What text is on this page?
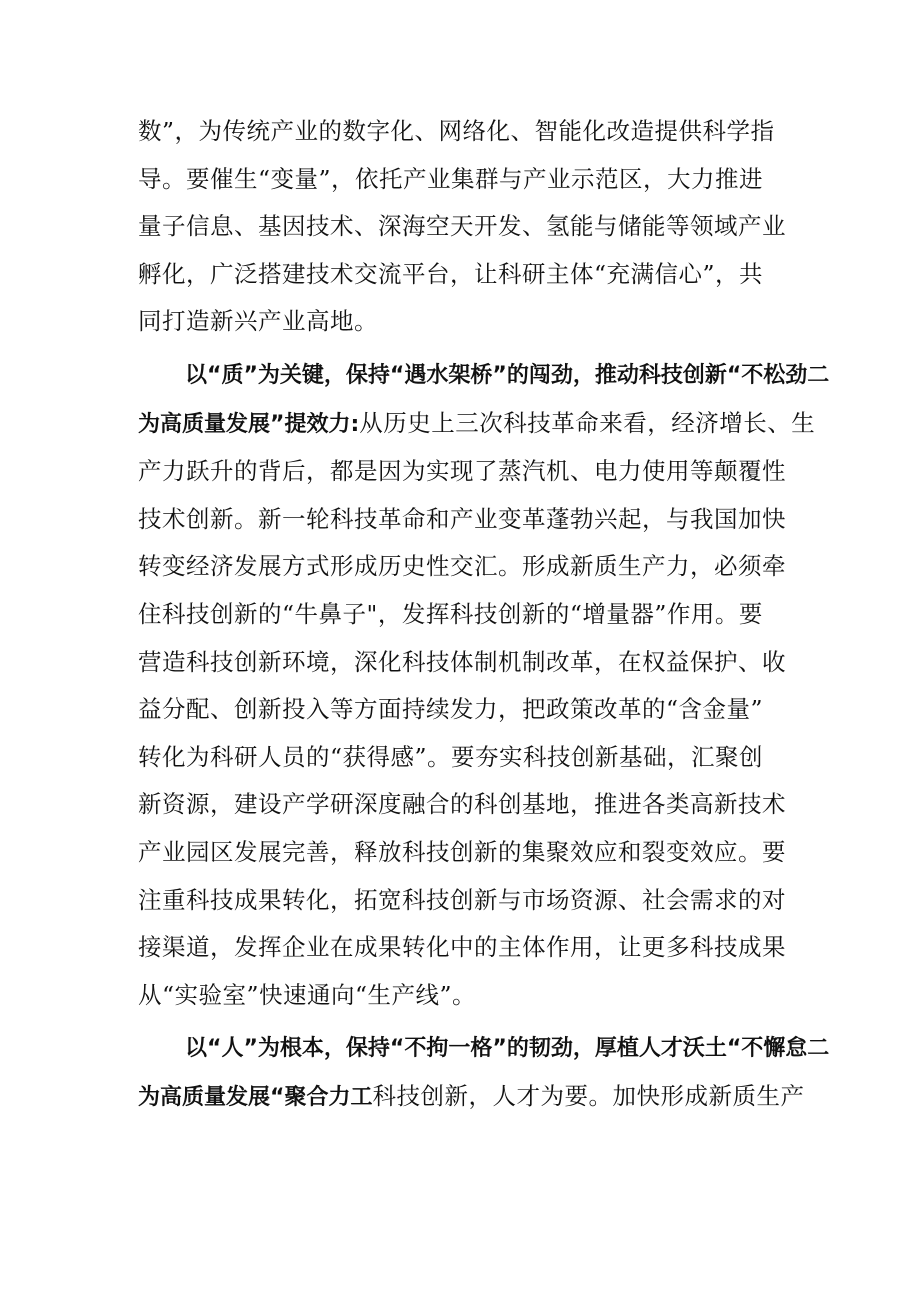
数”，为传统产业的数字化、网络化、智能化改造提供科学指
导。要催生“变量”，依托产业集群与产业示范区，大力推进
量子信息、基因技术、深海空天开发、氢能与储能等领域产业
孵化，广泛搭建技术交流平台，让科研主体“充满信心”，共
同打造新兴产业高地。

以“质”为关键，保持“遇水架桥”的闯劲，推动科技创新“不松劲二
为高质量发展”提效力:从历史上三次科技革命来看，经济增长、生
产力跃升的背后，都是因为实现了蒸汽机、电力使用等颠覆性
技术创新。新一轮科技革命和产业变革蓬勃兴起，与我国加快
转变经济发展方式形成历史性交汇。形成新质生产力，必须牵
住科技创新的“牛鼻子"，发挥科技创新的“增量器”作用。要
营造科技创新环境，深化科技体制机制改革，在权益保护、收
益分配、创新投入等方面持续发力，把政策改革的“含金量”
转化为科研人员的“获得感”。要夯实科技创新基础，汇聚创
新资源，建设产学研深度融合的科创基地，推进各类高新技术
产业园区发展完善，释放科技创新的集聚效应和裂变效应。要
注重科技成果转化，拓宽科技创新与市场资源、社会需求的对
接渠道，发挥企业在成果转化中的主体作用，让更多科技成果
从“实验室”快速通向“生产线”。

以“人”为根本，保持“不拘一格”的韧劲，厚植人才沃土“不懈怠二
为高质量发展“聚合力工科技创新，人才为要。加快形成新质生产
